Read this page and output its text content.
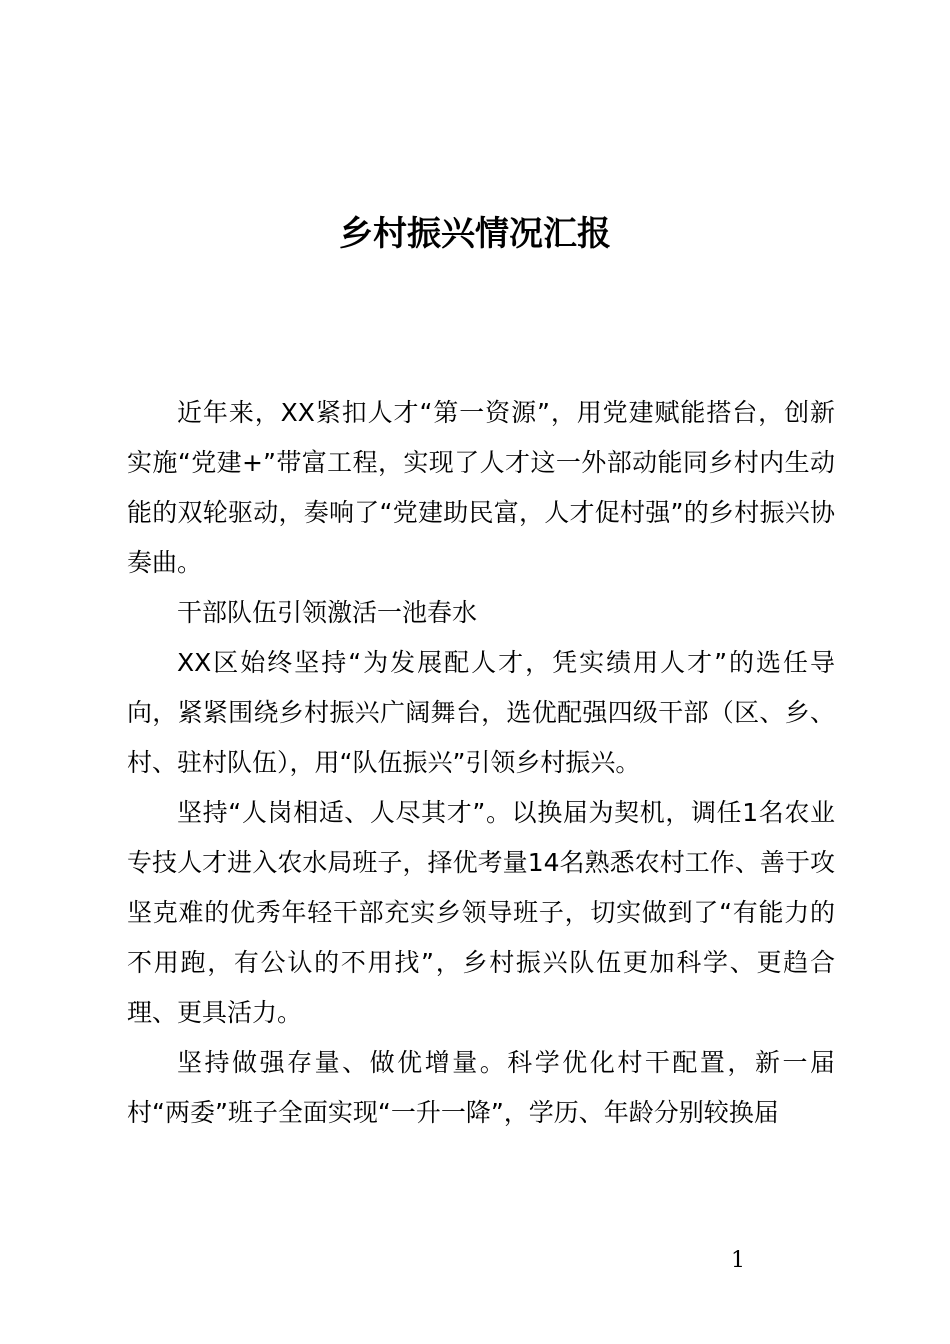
乡村振兴情况汇报

近年来，XX紧扣人才“第一资源”，用党建赋能搭台，创新实施“党建+”带富工程，实现了人才这一外部动能同乡村内生动能的双轮驱动，奏响了“党建助民富，人才促村强”的乡村振兴协奏曲。

干部队伍引领激活一池春水

XX区始终坚持“为发展配人才，凭实绩用人才”的选任导向，紧紧围绕乡村振兴广阔舞台，选优配强四级干部（区、乡、村、驻村队伍），用“队伍振兴”引领乡村振兴。

坚持“人岗相适、人尽其才”。以换届为契机，调任1名农业专技人才进入农水局班子，择优考量14名熟悉农村工作、善于攻坚克难的优秀年轻干部充实乡领导班子，切实做到了“有能力的不用跑，有公认的不用找”，乡村振兴队伍更加科学、更趋合理、更具活力。

坚持做强存量、做优增量。科学优化村干配置，新一届村“两委”班子全面实现“一升一降”，学历、年龄分别较换届

1
